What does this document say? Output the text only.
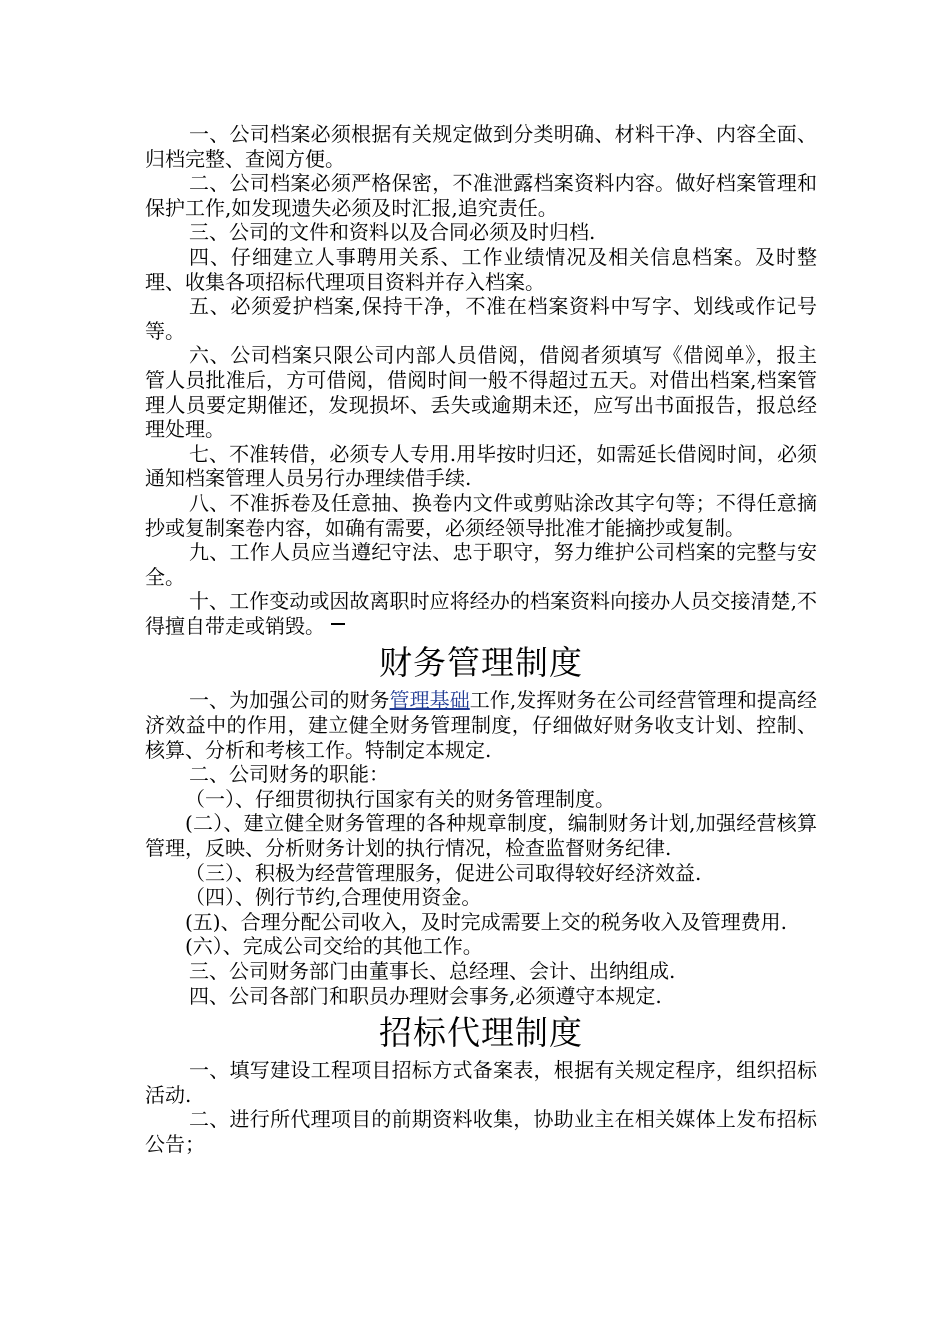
一、公司档案必须根据有关规定做到分类明确、材料干净、内容全面、归档完整、查阅方便。

二、公司档案必须严格保密，不准泄露档案资料内容。做好档案管理和保护工作,如发现遗失必须及时汇报,追究责任。

三、公司的文件和资料以及合同必须及时归档.

四、仔细建立人事聘用关系、工作业绩情况及相关信息档案。及时整理、收集各项招标代理项目资料并存入档案。

五、必须爱护档案,保持干净，不准在档案资料中写字、划线或作记号等。

六、公司档案只限公司内部人员借阅，借阅者须填写《借阅单》，报主管人员批准后，方可借阅，借阅时间一般不得超过五天。对借出档案,档案管理人员要定期催还，发现损坏、丢失或逾期未还，应写出书面报告，报总经理处理。

七、不准转借，必须专人专用.用毕按时归还，如需延长借阅时间，必须通知档案管理人员另行办理续借手续.

八、不准拆卷及任意抽、换卷内文件或剪贴涂改其字句等；不得任意摘抄或复制案卷内容，如确有需要，必须经领导批准才能摘抄或复制。

九、工作人员应当遵纪守法、忠于职守，努力维护公司档案的完整与安全。

十、工作变动或因故离职时应将经办的档案资料向接办人员交接清楚,不得擅自带走或销毁。

财务管理制度

一、为加强公司的财务管理基础工作,发挥财务在公司经营管理和提高经济效益中的作用，建立健全财务管理制度，仔细做好财务收支计划、控制、核算、分析和考核工作。特制定本规定.

二、公司财务的职能：

（一）、仔细贯彻执行国家有关的财务管理制度。

(二）、建立健全财务管理的各种规章制度，编制财务计划,加强经营核算管理，反映、分析财务计划的执行情况，检查监督财务纪律.

（三）、积极为经营管理服务，促进公司取得较好经济效益.

（四）、例行节约,合理使用资金。

(五)、合理分配公司收入，及时完成需要上交的税务收入及管理费用.

(六）、完成公司交给的其他工作。

三、公司财务部门由董事长、总经理、会计、出纳组成.

四、公司各部门和职员办理财会事务,必须遵守本规定.

招标代理制度

一、填写建设工程项目招标方式备案表，根据有关规定程序，组织招标活动.

二、进行所代理项目的前期资料收集，协助业主在相关媒体上发布招标公告；
